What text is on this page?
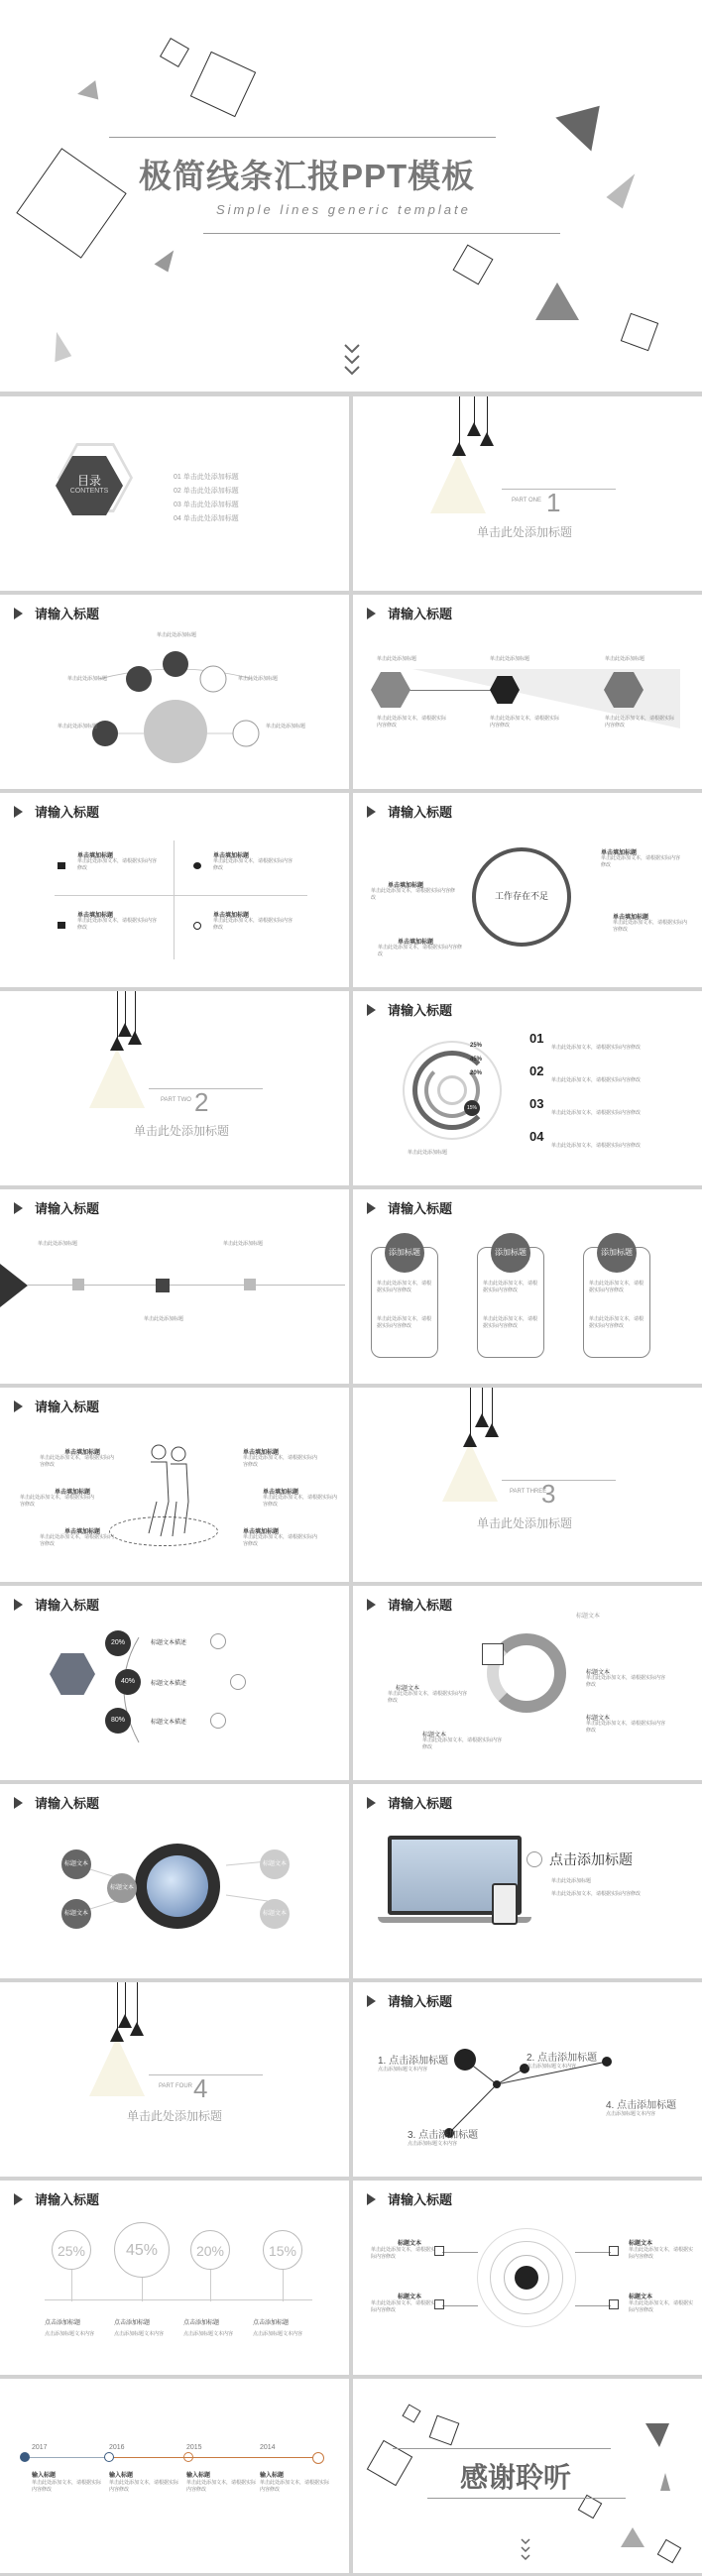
极简线条汇报PPT模板
Simple lines generic template
目录
CONTENTS
01 单击此处添加标题
02 单击此处添加标题
03 单击此处添加标题
04 单击此处添加标题
PART ONE 1
单击此处添加标题
请输入标题
单击此处添加标题
单击此处添加标题	单击此处添加标题
单击此处添加标题	单击此处添加标题
请输入标题
单击此处添加标题	单击此处添加标题	单击此处添加标题
单击此处添加文本，请根据实际内容修改
单击此处添加文本，请根据实际内容修改
单击此处添加文本，请根据实际内容修改
请输入标题
单击填加标题	单击填加标题
单击填加标题	单击填加标题
单击此处添加文本，请根据实际内容修改
单击此处添加文本，请根据实际内容修改
单击此处添加文本，请根据实际内容修改
单击此处添加文本，请根据实际内容修改
请输入标题
工作存在不足
单击填加标题
单击此处添加文本，请根据实际内容修改
单击填加标题
单击此处添加文本，请根据实际内容修改
单击填加标题
单击此处添加文本，请根据实际内容修改
单击填加标题
单击此处添加文本，请根据实际内容修改
PART TWO 2
单击此处添加标题
请输入标题
25%
45%
20%
15%
单击此处添加标题
01
02
03
04
单击此处添加文本，请根据实际内容修改
单击此处添加文本，请根据实际内容修改
单击此处添加文本，请根据实际内容修改
单击此处添加文本，请根据实际内容修改
请输入标题
单击此处添加标题	单击此处添加标题
单击此处添加标题
请输入标题
添加标题	添加标题	添加标题
单击此处添加文本，请根据实际内容修改
单击此处添加文本，请根据实际内容修改
单击此处添加文本，请根据实际内容修改
单击此处添加文本，请根据实际内容修改
单击此处添加文本，请根据实际内容修改
单击此处添加文本，请根据实际内容修改
请输入标题
单击填加标题
单击此处添加文本，请根据实际内容修改
单击填加标题
单击此处添加文本，请根据实际内容修改
单击填加标题
单击此处添加文本，请根据实际内容修改
单击填加标题
单击此处添加文本，请根据实际内容修改
单击填加标题
单击此处添加文本，请根据实际内容修改
单击填加标题
单击此处添加文本，请根据实际内容修改
PART THREE
3
单击此处添加标题
请输入标题
20%
40%
80%
标题文本描述
标题文本描述
标题文本描述
请输入标题
标题文本
标题文本
标题文本
标题文本
标题文本
单击此处添加文本，请根据实际内容修改
单击此处添加文本，请根据实际内容修改
单击此处添加文本，请根据实际内容修改
单击此处添加文本，请根据实际内容修改
请输入标题
标题文本
标题文本
标题文本
标题文本
标题文本
请输入标题
点击添加标题
单击此处添加标题
单击此处添加文本，请根据实际内容修改
PART FOUR 4
单击此处添加标题
请输入标题
1. 点击添加标题	2. 点击添加标题
3. 点击添加标题
4. 点击添加标题
点击添加标题文本内容	点击添加标题文本内容
点击添加标题文本内容
点击添加标题文本内容
请输入标题
25%	45%	20%	15%
点击添加标题	点击添加标题	点击添加标题	点击添加标题
点击添加标题文本内容	点击添加标题文本内容	点击添加标题文本内容	点击添加标题文本内容
请输入标题
标题文本	标题文本
标题文本	标题文本
单击此处添加文本，请根据实际内容修改
单击此处添加文本，请根据实际内容修改
单击此处添加文本，请根据实际内容修改
单击此处添加文本，请根据实际内容修改
2017	2016	2015	2014
输入标题	输入标题	输入标题	输入标题
单击此处添加文本，请根据实际内容修改
单击此处添加文本，请根据实际内容修改
单击此处添加文本，请根据实际内容修改
单击此处添加文本，请根据实际内容修改	感谢聆听
